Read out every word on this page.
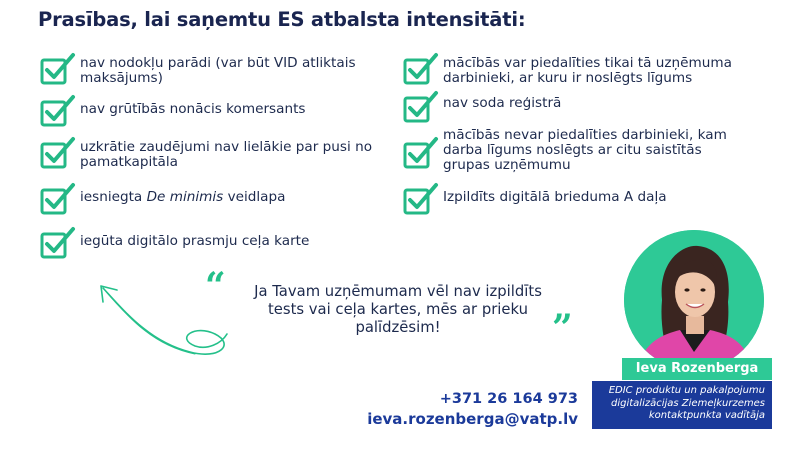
Prasības, lai saņemtu ES atbalsta intensitāti:
nav nodokļu parādi (var būt VID atliktais
maksājums)
nav grūtībās nonācis komersants
uzkrātie zaudējumi nav lielākie par pusi no
pamatkapitāla
iesniegta De minimis veidlapa
iegūta digitālo prasmju ceļa karte
mācībās var piedalīties tikai tā uzņēmuma
darbinieki, ar kuru ir noslēgts līgums
nav soda reģistrā
mācībās nevar piedalīties darbinieki, kam
darba līgums noslēgts ar citu saistītās
grupas uzņēmumu
Izpildīts digitālā brieduma A daļa
“	Ja Tavam uzņēmumam vēl nav izpildīts
tests vai ceļa kartes, mēs ar prieku
palīdzēsim!	”
+371 26 164 973
ieva.rozenberga@vatp.lv
Ieva Rozenberga
EDIC produktu un pakalpojumu
digitalizācijas Ziemeļkurzemes
kontaktpunkta vadītāja
